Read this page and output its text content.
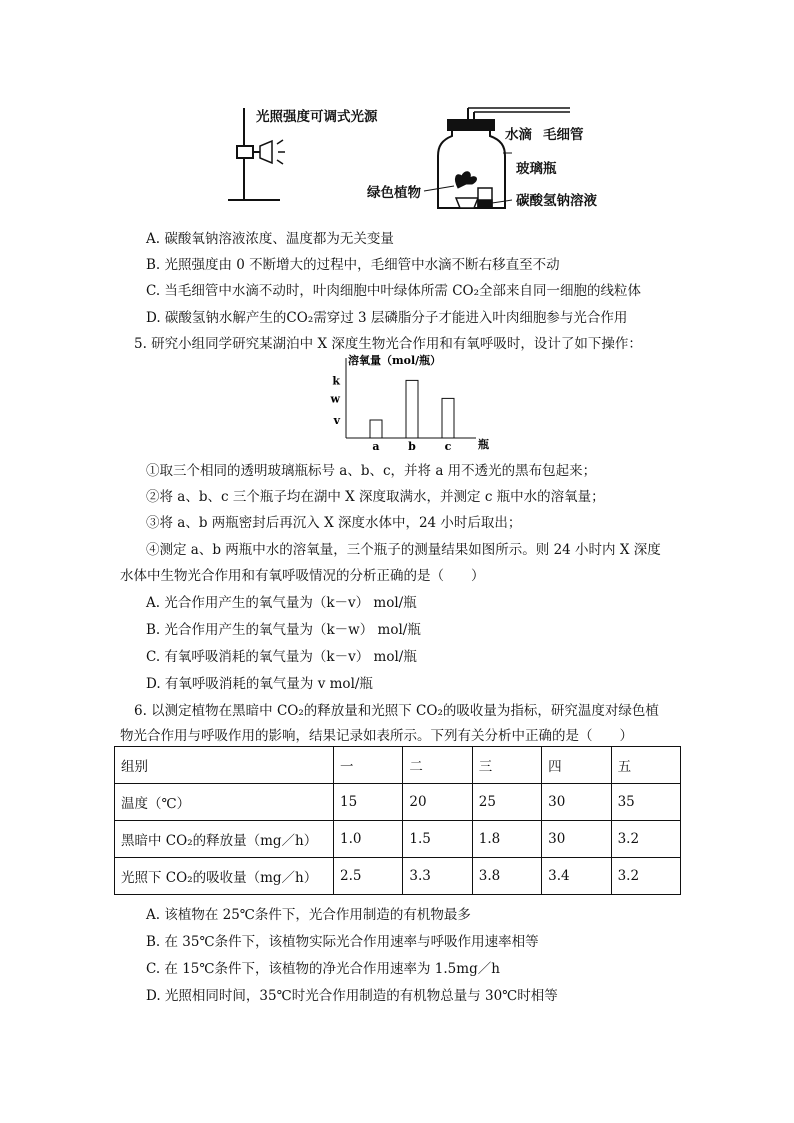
光照强度可调式光源
水滴 毛细管
玻璃瓶
绿色植物	碳酸氢钠溶液
A. 碳酸氧钠溶液浓度、温度都为无关变量
B. 光照强度由 0 不断增大的过程中，毛细管中水滴不断右移直至不动
C. 当毛细管中水滴不动时，叶肉细胞中叶绿体所需 CO₂全部来自同一细胞的线粒体
D. 碳酸氢钠水解产生的CO₂需穿过 3 层磷脂分子才能进入叶肉细胞参与光合作用
5. 研究小组同学研究某湖泊中 X 深度生物光合作用和有氧呼吸时，设计了如下操作：
溶氧量（mol/瓶）
瓶
a	b	c
k
w
v
①取三个相同的透明玻璃瓶标号 a、b、c，并将 a 用不透光的黑布包起来；
②将 a、b、c 三个瓶子均在湖中 X 深度取满水，并测定 c 瓶中水的溶氧量；
③将 a、b 两瓶密封后再沉入 X 深度水体中，24 小时后取出；
④测定 a、b 两瓶中水的溶氧量，三个瓶子的测量结果如图所示。则 24 小时内 X 深度
水体中生物光合作用和有氧呼吸情况的分析正确的是（　　）
A. 光合作用产生的氧气量为（k－v） mol/瓶
B. 光合作用产生的氧气量为（k－w） mol/瓶
C. 有氧呼吸消耗的氧气量为（k－v） mol/瓶
D. 有氧呼吸消耗的氧气量为 v mol/瓶
6. 以测定植物在黑暗中 CO₂的释放量和光照下 CO₂的吸收量为指标，研究温度对绿色植
物光合作用与呼吸作用的影响，结果记录如表所示。下列有关分析中正确的是（　　）
组别	一	二	三	四	五
温度（℃）	15	20	25	30	35
黑暗中 CO₂的释放量（mg／h）	1.0	1.5	1.8	30	3.2
光照下 CO₂的吸收量（mg／h）	2.5	3.3	3.8	3.4	3.2
A. 该植物在 25℃条件下，光合作用制造的有机物最多
B. 在 35℃条件下，该植物实际光合作用速率与呼吸作用速率相等
C. 在 15℃条件下，该植物的净光合作用速率为 1.5mg／h
D. 光照相同时间，35℃时光合作用制造的有机物总量与 30℃时相等
